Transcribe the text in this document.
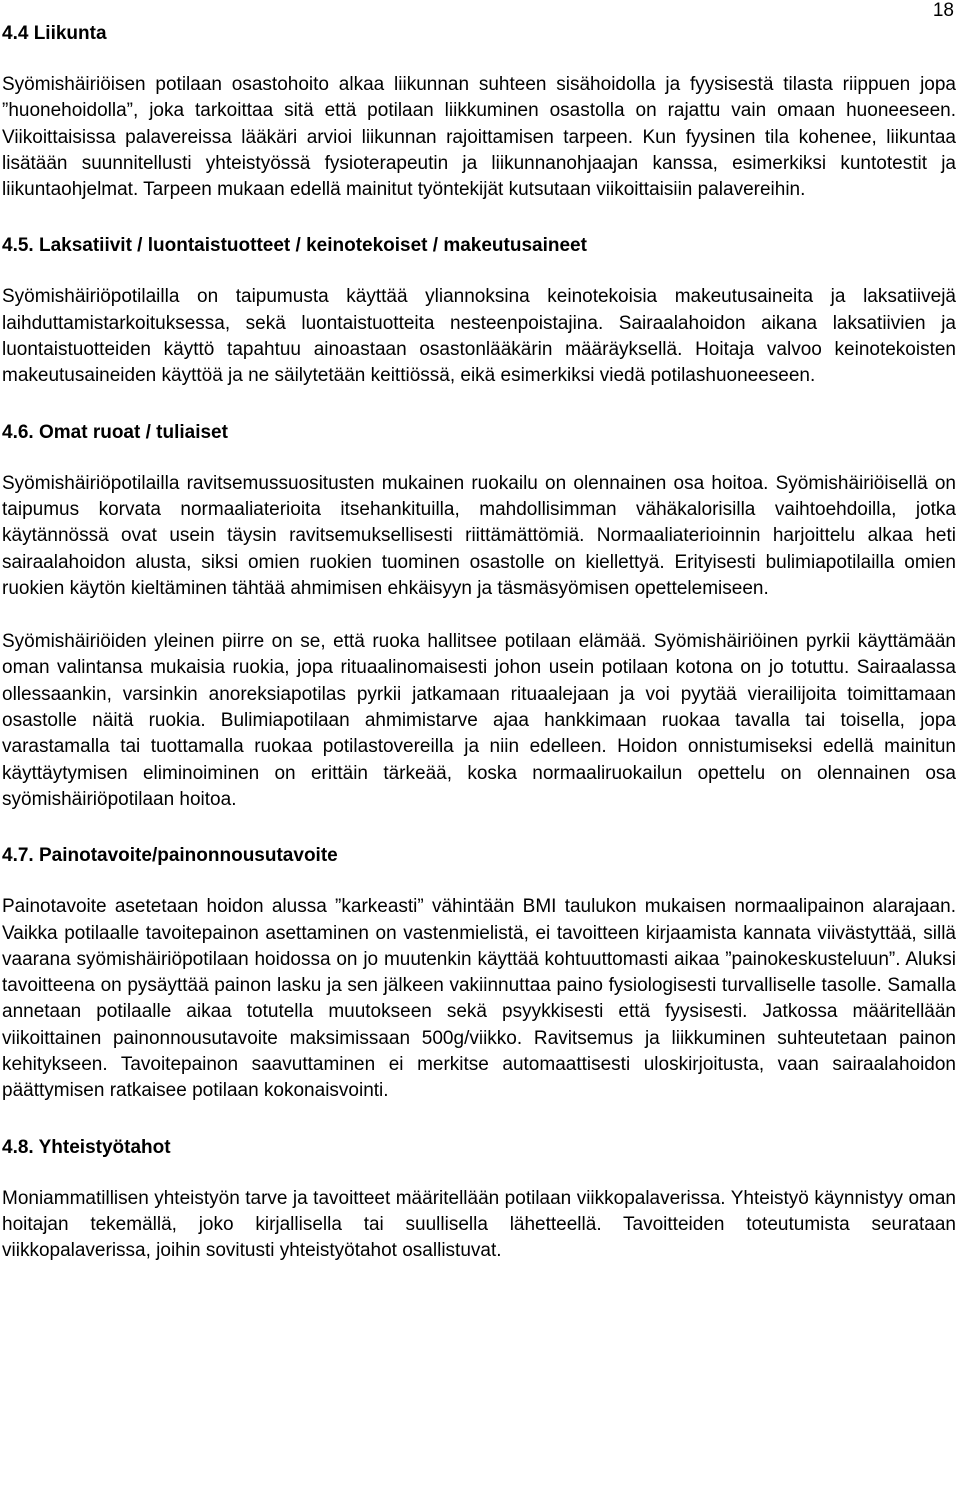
18
4.4 Liikunta

Syömishäiriöisen potilaan osastohoito alkaa liikunnan suhteen sisähoidolla ja fyysisestä tilasta riippuen jopa ”huonehoidolla”, joka tarkoittaa sitä että potilaan liikkuminen osastolla on rajattu vain omaan huoneeseen. Viikoittaisissa palavereissa lääkäri arvioi liikunnan rajoittamisen tarpeen. Kun fyysinen tila kohenee, liikuntaa lisätään suunnitellusti yhteistyössä fysioterapeutin ja liikunnanohjaajan kanssa, esimerkiksi kuntotestit ja liikuntaohjelmat. Tarpeen mukaan edellä mainitut työntekijät kutsutaan viikoittaisiin palavereihin.

4.5. Laksatiivit / luontaistuotteet / keinotekoiset / makeutusaineet

Syömishäiriöpotilailla on taipumusta käyttää yliannoksina keinotekoisia makeutusaineita ja laksatiivejä laihduttamistarkoituksessa, sekä luontaistuotteita nesteenpoistajina. Sairaalahoidon aikana laksatiivien ja luontaistuotteiden käyttö tapahtuu ainoastaan osastonlääkärin määräyksellä. Hoitaja valvoo keinotekoisten makeutusaineiden käyttöä ja ne säilytetään keittiössä, eikä esimerkiksi viedä potilashuoneeseen.

4.6. Omat ruoat / tuliaiset

Syömishäiriöpotilailla ravitsemussuositusten mukainen ruokailu on olennainen osa hoitoa. Syömishäiriöisellä on taipumus korvata normaaliaterioita itsehankituilla, mahdollisimman vähäkalorisilla vaihtoehdoilla, jotka käytännössä ovat usein täysin ravitsemuksellisesti riittämättömiä. Normaaliaterioinnin harjoittelu alkaa heti sairaalahoidon alusta, siksi omien ruokien tuominen osastolle on kiellettyä. Erityisesti bulimiapotilailla omien ruokien käytön kieltäminen tähtää ahmimisen ehkäisyyn ja täsmäsyömisen opettelemiseen.

Syömishäiriöiden yleinen piirre on se, että ruoka hallitsee potilaan elämää. Syömishäiriöinen pyrkii käyttämään oman valintansa mukaisia ruokia, jopa rituaalinomaisesti johon usein potilaan kotona on jo totuttu. Sairaalassa ollessaankin, varsinkin anoreksiapotilas pyrkii jatkamaan rituaalejaan ja voi pyytää vierailijoita toimittamaan osastolle näitä ruokia. Bulimiapotilaan ahmimistarve ajaa hankkimaan ruokaa tavalla tai toisella, jopa varastamalla tai tuottamalla ruokaa potilastovereilla ja niin edelleen. Hoidon onnistumiseksi edellä mainitun käyttäytymisen eliminoiminen on erittäin tärkeää, koska normaaliruokailun opettelu on olennainen osa syömishäiriöpotilaan hoitoa.

4.7. Painotavoite/painonnousutavoite

Painotavoite asetetaan hoidon alussa ”karkeasti” vähintään BMI taulukon mukaisen normaalipainon alarajaan. Vaikka potilaalle tavoitepainon asettaminen on vastenmielistä, ei tavoitteen kirjaamista kannata viivästyttää, sillä vaarana syömishäiriöpotilaan hoidossa on jo muutenkin käyttää kohtuuttomasti aikaa ”painokeskusteluun”. Aluksi tavoitteena on pysäyttää painon lasku ja sen jälkeen vakiinnuttaa paino fysiologisesti turvalliselle tasolle. Samalla annetaan potilaalle aikaa totutella muutokseen sekä psyykkisesti että fyysisesti. Jatkossa määritellään viikoittainen painonnousutavoite maksimissaan 500g/viikko. Ravitsemus ja liikkuminen suhteutetaan painon kehitykseen. Tavoitepainon saavuttaminen ei merkitse automaattisesti uloskirjoitusta, vaan sairaalahoidon päättymisen ratkaisee potilaan kokonaisvointi.

4.8. Yhteistyötahot

Moniammatillisen yhteistyön tarve ja tavoitteet määritellään potilaan viikkopalaverissa. Yhteistyö käynnistyy oman hoitajan tekemällä, joko kirjallisella tai suullisella lähetteellä. Tavoitteiden toteutumista seurataan viikkopalaverissa, joihin sovitusti yhteistyötahot osallistuvat.
